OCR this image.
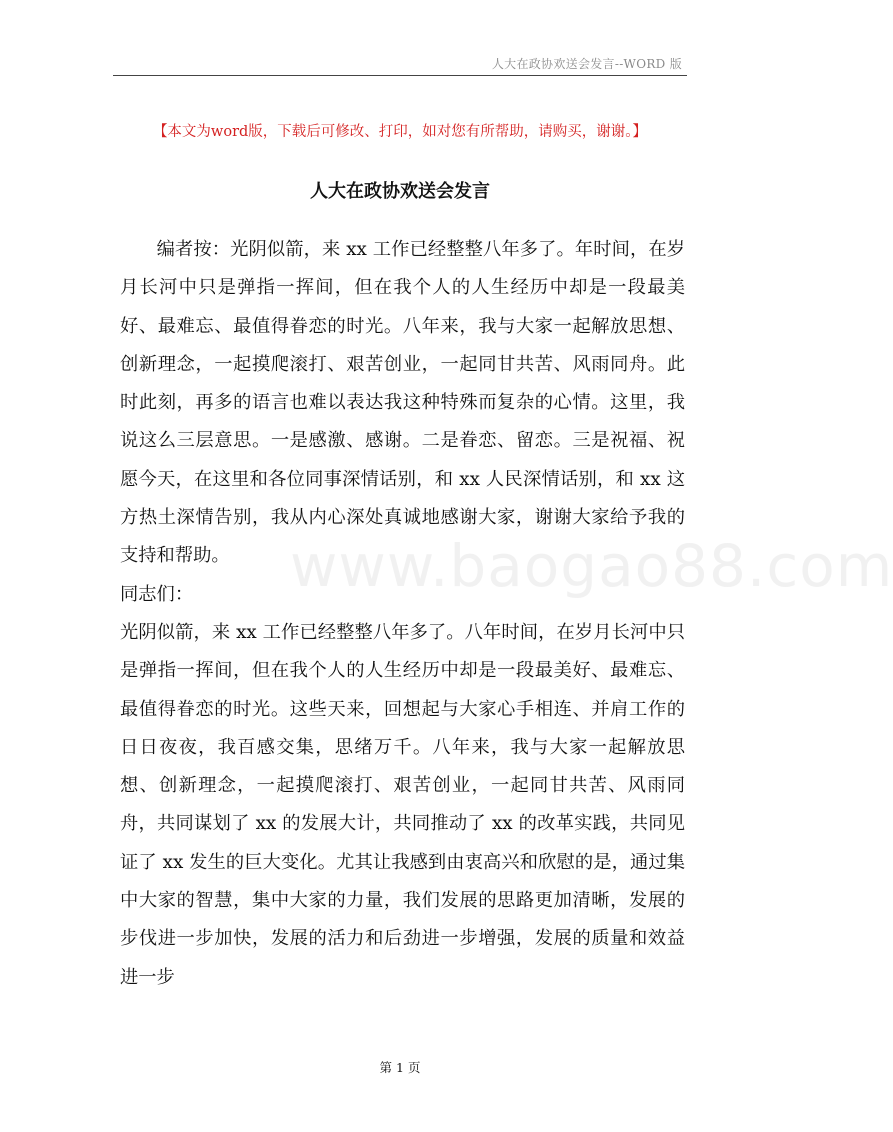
人大在政协欢送会发言--WORD 版
【本文为word版，下载后可修改、打印，如对您有所帮助，请购买，谢谢。】
人大在政协欢送会发言

编者按：光阴似箭，来 xx 工作已经整整八年多了。年时间，在岁月长河中只是弹指一挥间，但在我个人的人生经历中却是一段最美好、最难忘、最值得眷恋的时光。八年来，我与大家一起解放思想、创新理念，一起摸爬滚打、艰苦创业，一起同甘共苦、风雨同舟。此时此刻，再多的语言也难以表达我这种特殊而复杂的心情。这里，我说这么三层意思。一是感激、感谢。二是眷恋、留恋。三是祝福、祝愿今天，在这里和各位同事深情话别，和 xx 人民深情话别，和 xx 这方热土深情告别，我从内心深处真诚地感谢大家，谢谢大家给予我的支持和帮助。

同志们：

光阴似箭，来 xx 工作已经整整八年多了。八年时间，在岁月长河中只是弹指一挥间，但在我个人的人生经历中却是一段最美好、最难忘、最值得眷恋的时光。这些天来，回想起与大家心手相连、并肩工作的日日夜夜，我百感交集，思绪万千。八年来，我与大家一起解放思想、创新理念，一起摸爬滚打、艰苦创业，一起同甘共苦、风雨同舟，共同谋划了 xx 的发展大计，共同推动了 xx 的改革实践，共同见证了 xx 发生的巨大变化。尤其让我感到由衷高兴和欣慰的是，通过集中大家的智慧，集中大家的力量，我们发展的思路更加清晰，发展的步伐进一步加快，发展的活力和后劲进一步增强，发展的质量和效益进一步

www.baogao88.com
第 1 页
